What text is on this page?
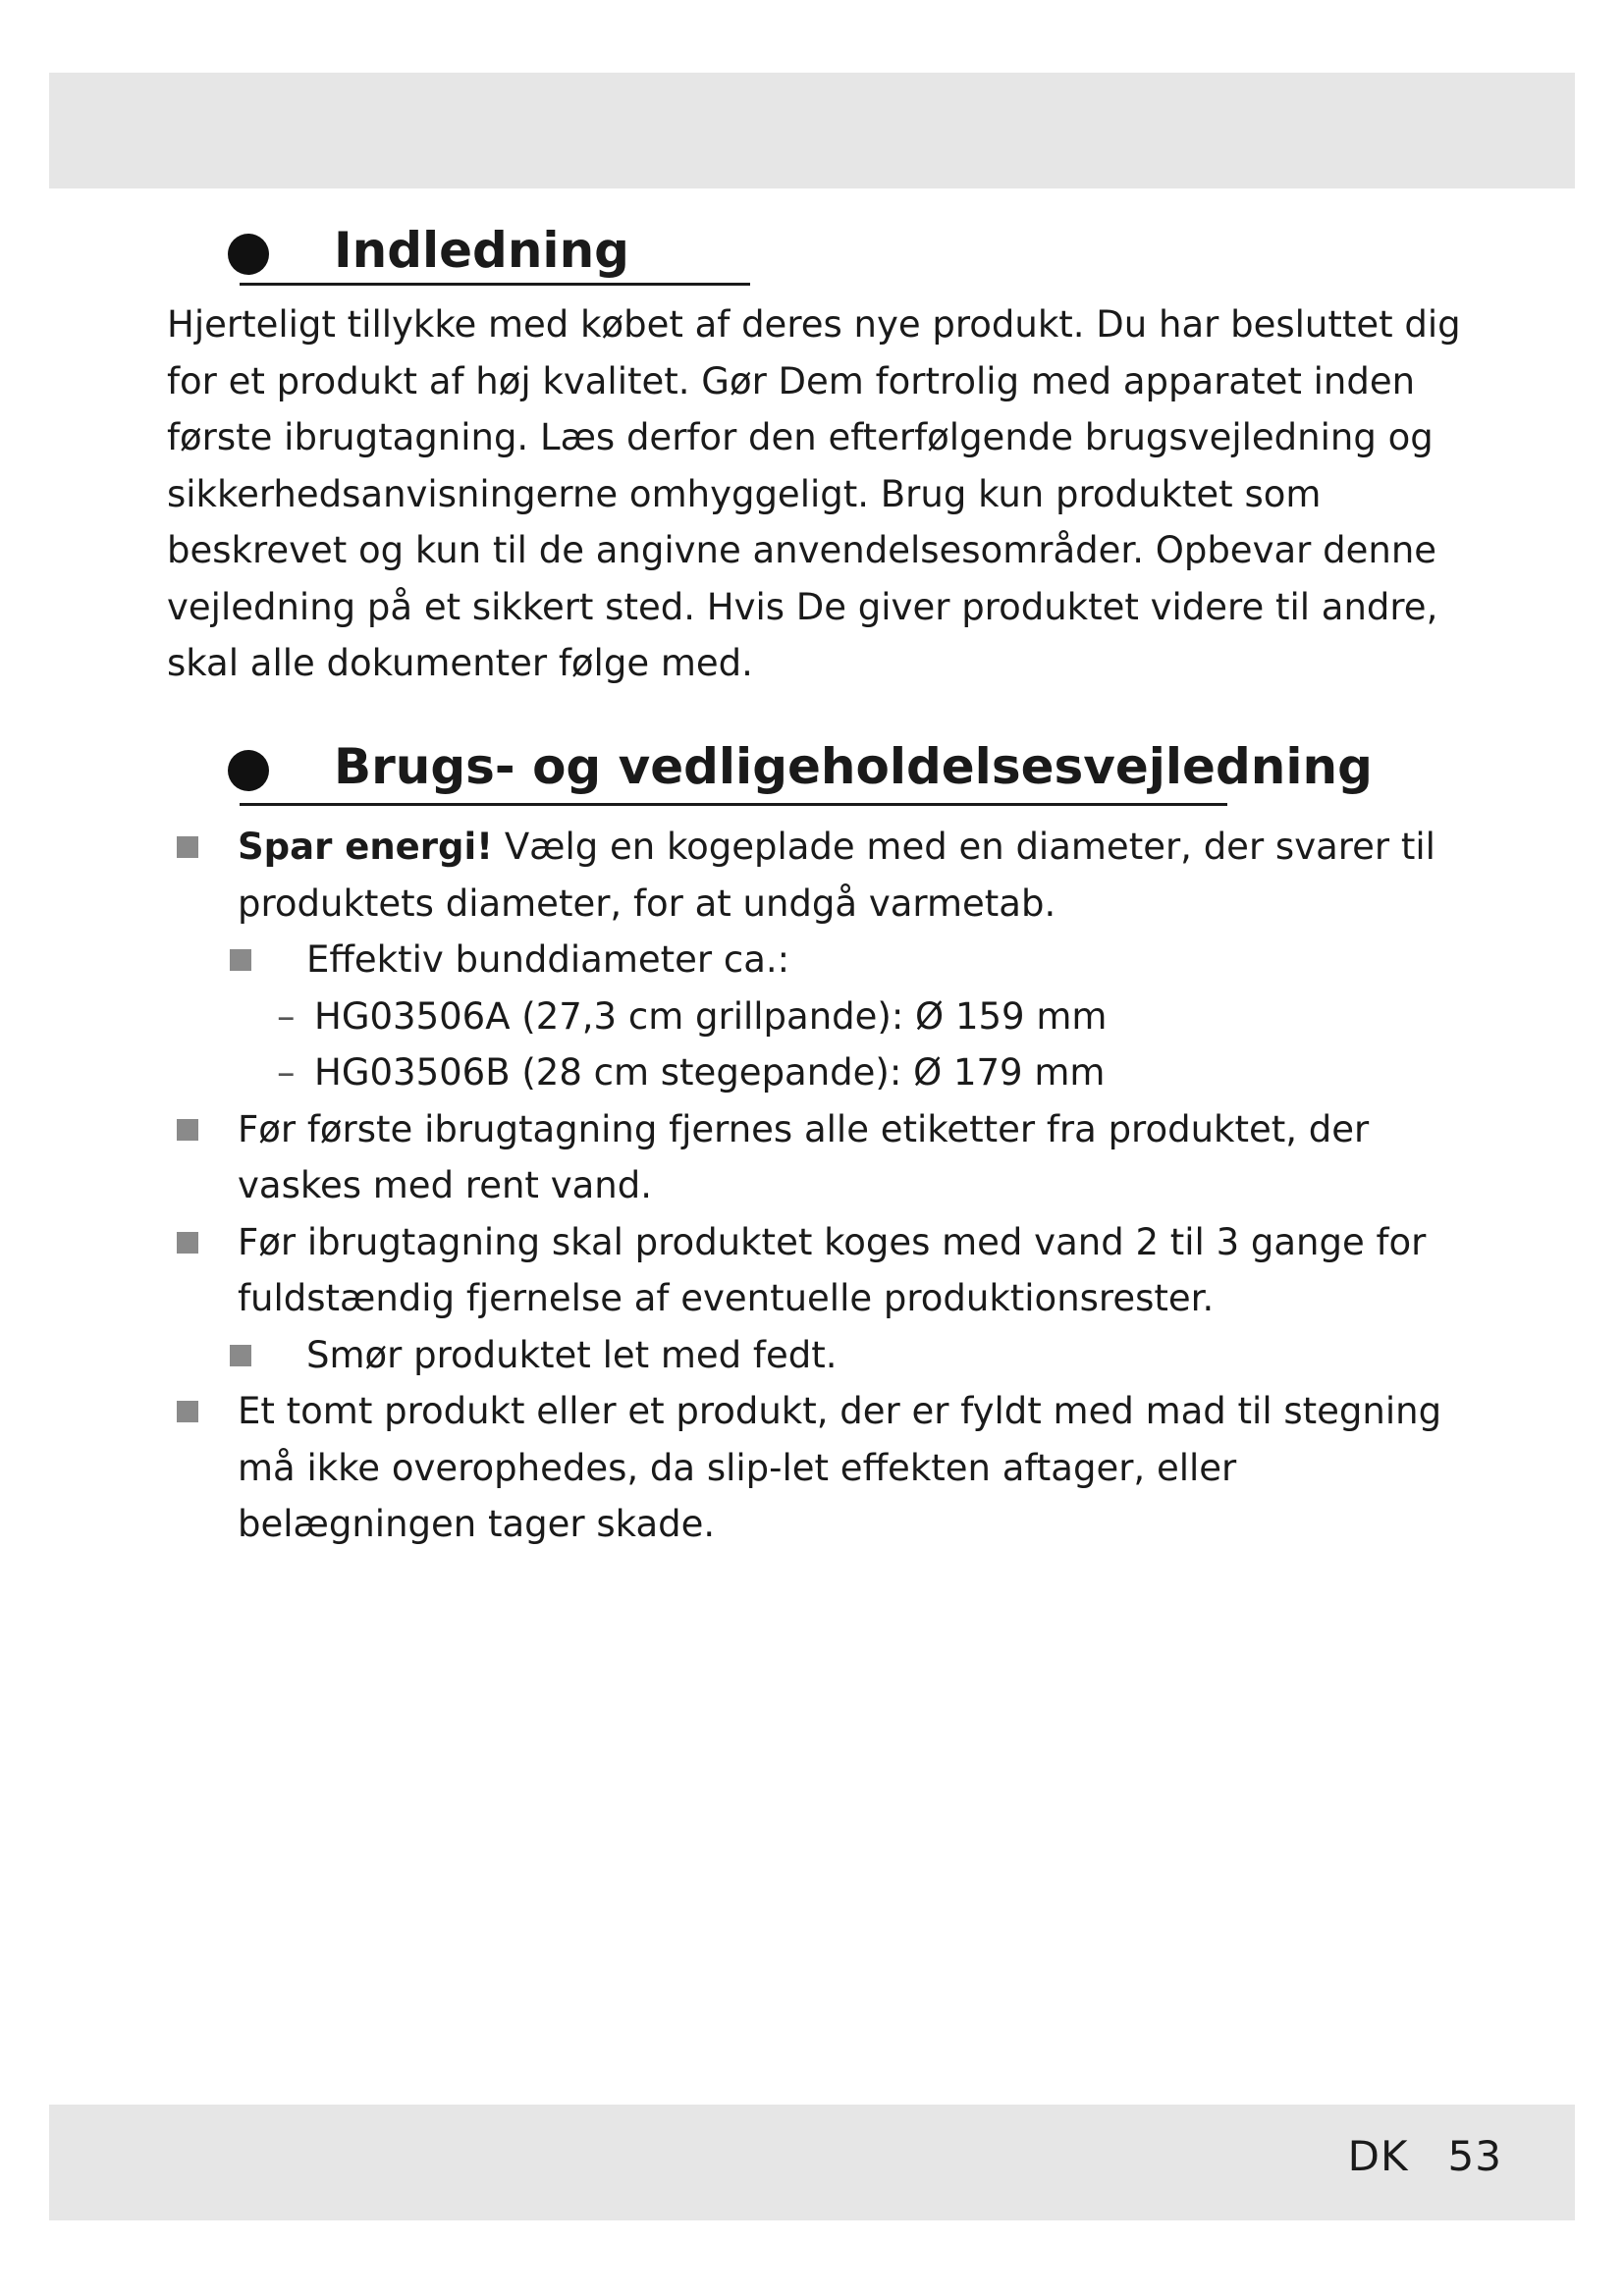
Indledning

Hjerteligt tillykke med købet af deres nye produkt. Du har besluttet dig for et produkt af høj kvalitet. Gør Dem fortrolig med apparatet inden første ibrugtagning. Læs derfor den efterfølgende brugsvejledning og sikkerhedsanvisningerne omhyggeligt. Brug kun produktet som beskrevet og kun til de angivne anvendelsesområder. Opbevar denne vejledning på et sikkert sted. Hvis De giver produktet videre til andre, skal alle dokumenter følge med.

Brugs- og vedligeholdelsesvejledning
Spar energi! Vælg en kogeplade med en diameter, der svarer til produktets diameter, for at undgå varmetab.
Effektiv bunddiameter ca.:
– HG03506A (27,3 cm grillpande): Ø 159 mm
– HG03506B (28 cm stegepande): Ø 179 mm
Før første ibrugtagning fjernes alle etiketter fra produktet, der vaskes med rent vand.
Før ibrugtagning skal produktet koges med vand 2 til 3 gange for fuldstændig fjernelse af eventuelle produktionsrester.
Smør produktet let med fedt.
Et tomt produkt eller et produkt, der er fyldt med mad til stegning må ikke overophedes, da slip-let effekten aftager, eller belægningen tager skade.
DK 53
